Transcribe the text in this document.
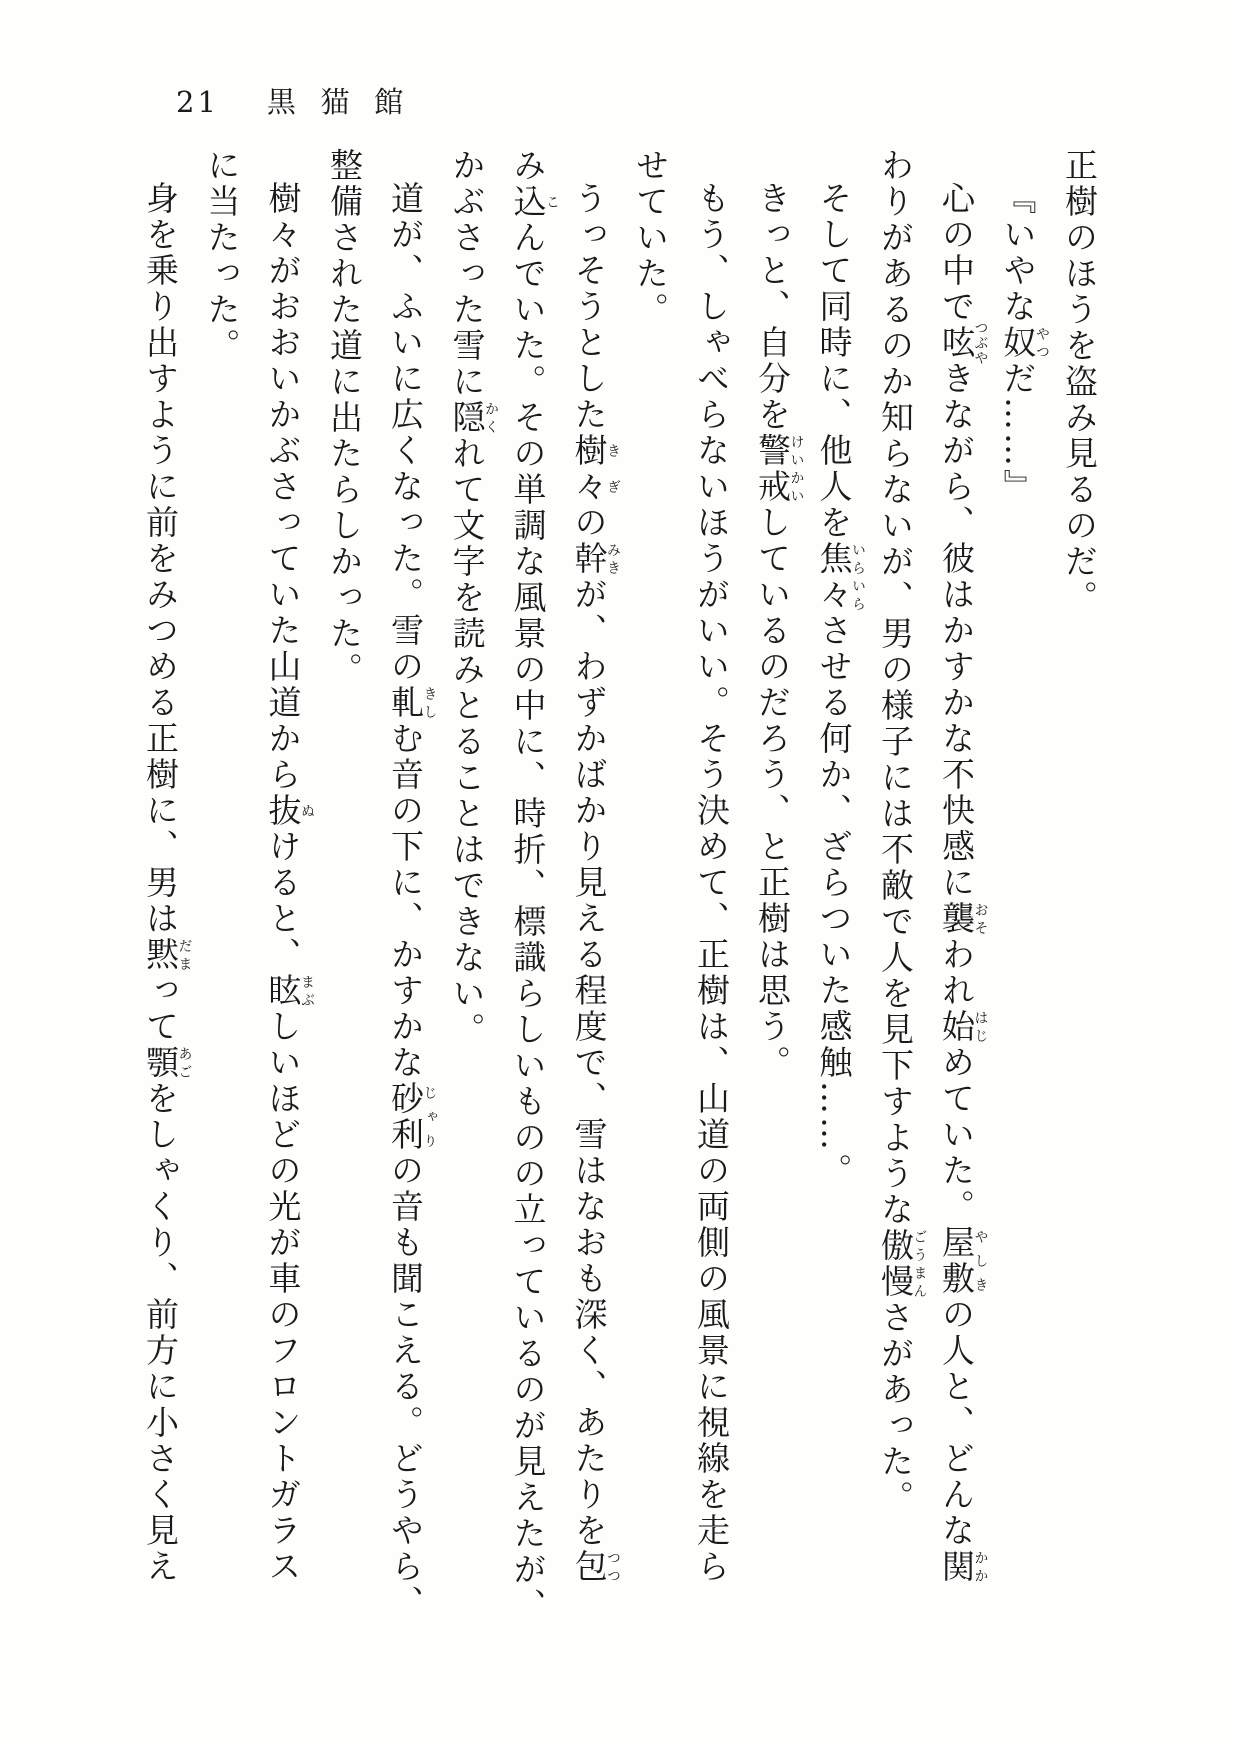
21 黒猫館

正樹のほうを盗み見るのだ。

『いやな奴やつだ……』

心の中で呟つぶやきながら、彼はかすかな不快感に襲おそわれ始はじめていた。屋敷やしきの人と、どんな関かか
わりがあるのか知らないが、男の様子には不敵で人を見下すような傲慢ごうまんさがあった。

そして同時に、他人を焦々いらいらさせる何か、ざらついた感触……。

きっと、自分を警戒けいかいしているのだろう、と正樹は思う。

もう、しゃべらないほうがいい。そう決めて、正樹は、山道の両側の風景に視線を走ら
せていた。

うっそうとした樹々きぎの幹みきが、わずかばかり見える程度で、雪はなおも深く、あたりを包つつ
み込こんでいた。その単調な風景の中に、時折、標識らしいものの立っているのが見えたが、
かぶさった雪に隠かくれて文字を読みとることはできない。

道が、ふいに広くなった。雪の軋きしむ音の下に、かすかな砂利じゃりの音も聞こえる。どうやら、
整備された道に出たらしかった。

樹々がおおいかぶさっていた山道から抜ぬけると、眩まぶしいほどの光が車のフロントガラス
に当たった。

身を乗り出すように前をみつめる正樹に、男は黙だまって顎あごをしゃくり、前方に小さく見え
